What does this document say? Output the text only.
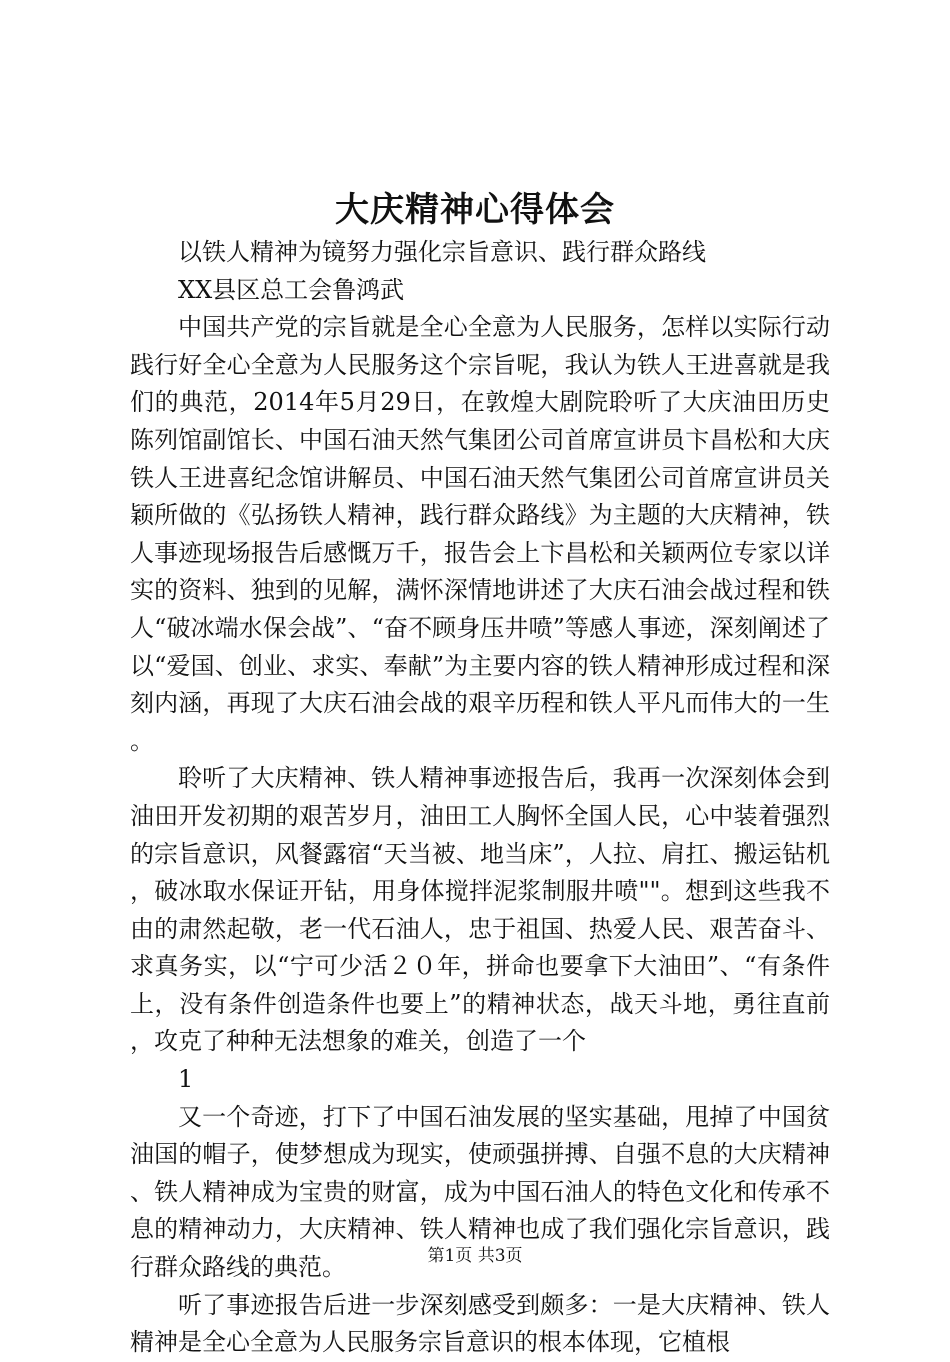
大庆精神心得体会

以铁人精神为镜努力强化宗旨意识、践行群众路线

XX县区总工会鲁鸿武

中国共产党的宗旨就是全心全意为人民服务，怎样以实际行动践行好全心全意为人民服务这个宗旨呢，我认为铁人王进喜就是我们的典范，2014年5月29日，在敦煌大剧院聆听了大庆油田历史陈列馆副馆长、中国石油天然气集团公司首席宣讲员卞昌松和大庆铁人王进喜纪念馆讲解员、中国石油天然气集团公司首席宣讲员关颖所做的《弘扬铁人精神，践行群众路线》为主题的大庆精神，铁人事迹现场报告后感慨万千，报告会上卞昌松和关颖两位专家以详实的资料、独到的见解，满怀深情地讲述了大庆石油会战过程和铁人“破冰端水保会战”、“奋不顾身压井喷”等感人事迹，深刻阐述了以“爱国、创业、求实、奉献”为主要内容的铁人精神形成过程和深刻内涵，再现了大庆石油会战的艰辛历程和铁人平凡而伟大的一生。

聆听了大庆精神、铁人精神事迹报告后，我再一次深刻体会到油田开发初期的艰苦岁月，油田工人胸怀全国人民，心中装着强烈的宗旨意识，风餐露宿“天当被、地当床”，人拉、肩扛、搬运钻机，破冰取水保证开钻，用身体搅拌泥浆制服井喷""。想到这些我不由的肃然起敬，老一代石油人，忠于祖国、热爱人民、艰苦奋斗、求真务实，以“宁可少活２０年，拼命也要拿下大油田”、“有条件上，没有条件创造条件也要上”的精神状态，战天斗地，勇往直前，攻克了种种无法想象的难关，创造了一个

1

又一个奇迹，打下了中国石油发展的坚实基础，甩掉了中国贫油国的帽子，使梦想成为现实，使顽强拼搏、自强不息的大庆精神、铁人精神成为宝贵的财富，成为中国石油人的特色文化和传承不息的精神动力，大庆精神、铁人精神也成了我们强化宗旨意识，践行群众路线的典范。

听了事迹报告后进一步深刻感受到颇多：一是大庆精神、铁人精神是全心全意为人民服务宗旨意识的根本体现，它植根

第1页 共3页
